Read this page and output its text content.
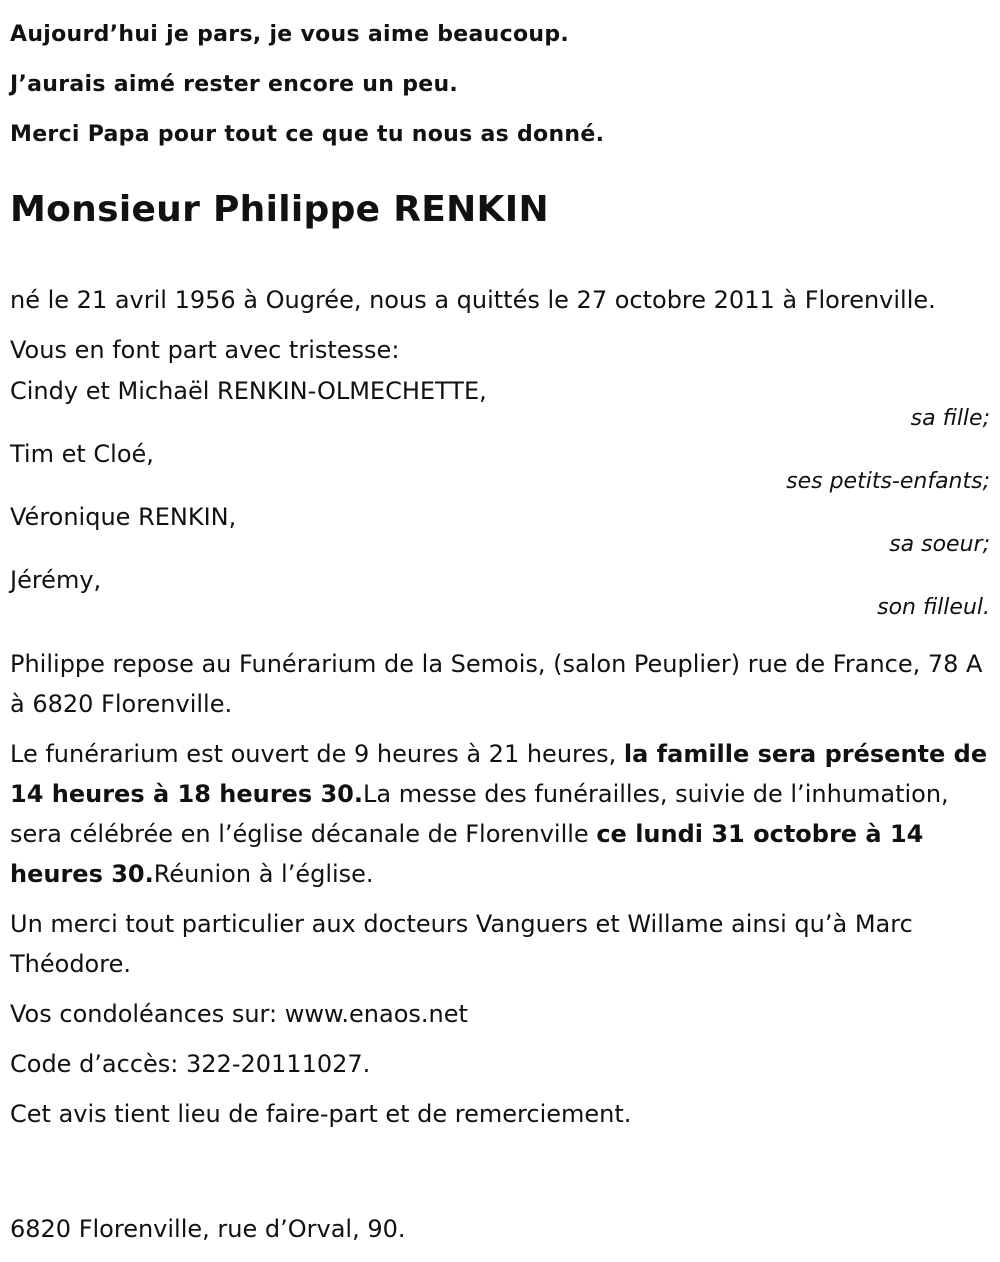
Aujourd’hui je pars, je vous aime beaucoup.

J’aurais aimé rester encore un peu.

Merci Papa pour tout ce que tu nous as donné.

Monsieur Philippe RENKIN

né le 21 avril 1956 à Ougrée, nous a quittés le 27 octobre 2011 à Florenville.

Vous en font part avec tristesse:

Cindy et Michaël RENKIN-OLMECHETTE,
sa fille;
Tim et Cloé,
ses petits-enfants;
Véronique RENKIN,
sa soeur;
Jérémy,
son filleul.

Philippe repose au Funérarium de la Semois, (salon Peuplier) rue de France, 78 A à 6820 Florenville.

Le funérarium est ouvert de 9 heures à 21 heures, la famille sera présente de 14 heures à 18 heures 30.La messe des funérailles, suivie de l’inhumation, sera célébrée en l’église décanale de Florenville ce lundi 31 octobre à 14 heures 30.Réunion à l’église.

Un merci tout particulier aux docteurs Vanguers et Willame ainsi qu’à Marc Théodore.

Vos condoléances sur: www.enaos.net

Code d’accès: 322-20111027.

Cet avis tient lieu de faire-part et de remerciement.

6820 Florenville, rue d’Orval, 90.
